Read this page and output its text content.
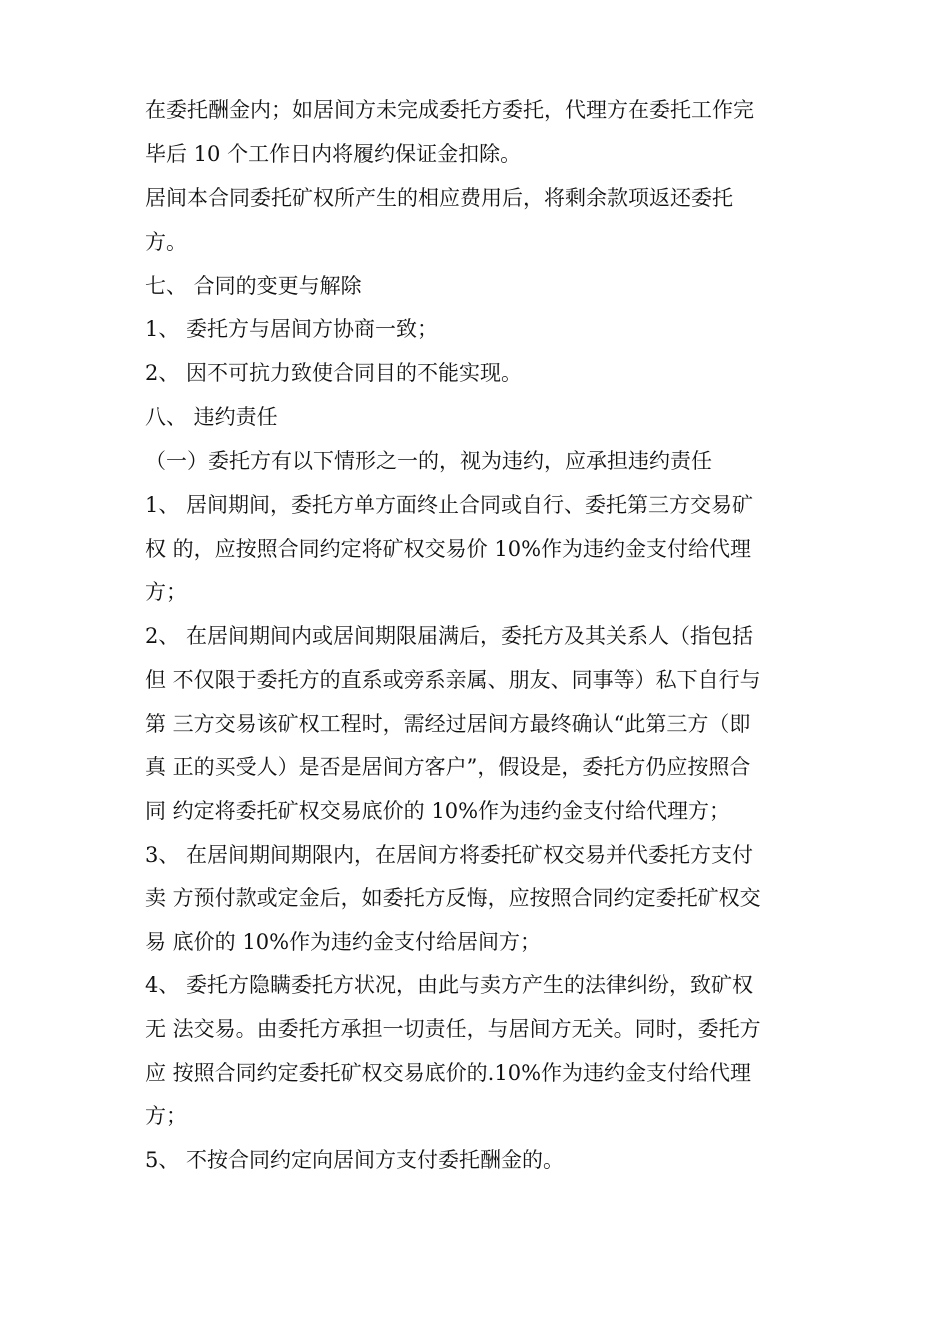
在委托酬金内；如居间方未完成委托方委托，代理方在委托工作完
毕后 10 个工作日内将履约保证金扣除。
居间本合同委托矿权所产生的相应费用后，将剩余款项返还委托
方。
七、 合同的变更与解除
1、 委托方与居间方协商一致；
2、 因不可抗力致使合同目的不能实现。
八、 违约责任
（一）委托方有以下情形之一的，视为违约，应承担违约责任
1、 居间期间，委托方单方面终止合同或自行、委托第三方交易矿
权 的，应按照合同约定将矿权交易价 10%作为违约金支付给代理
方；
2、 在居间期间内或居间期限届满后，委托方及其关系人（指包括
但 不仅限于委托方的直系或旁系亲属、朋友、同事等）私下自行与
第 三方交易该矿权工程时，需经过居间方最终确认“此第三方（即
真 正的买受人）是否是居间方客户”，假设是，委托方仍应按照合
同 约定将委托矿权交易底价的 10%作为违约金支付给代理方；
3、 在居间期间期限内，在居间方将委托矿权交易并代委托方支付
卖 方预付款或定金后，如委托方反悔，应按照合同约定委托矿权交
易 底价的 10%作为违约金支付给居间方；
4、 委托方隐瞒委托方状况，由此与卖方产生的法律纠纷，致矿权
无 法交易。由委托方承担一切责任，与居间方无关。同时，委托方
应 按照合同约定委托矿权交易底价的.10%作为违约金支付给代理
方；
5、 不按合同约定向居间方支付委托酬金的。
